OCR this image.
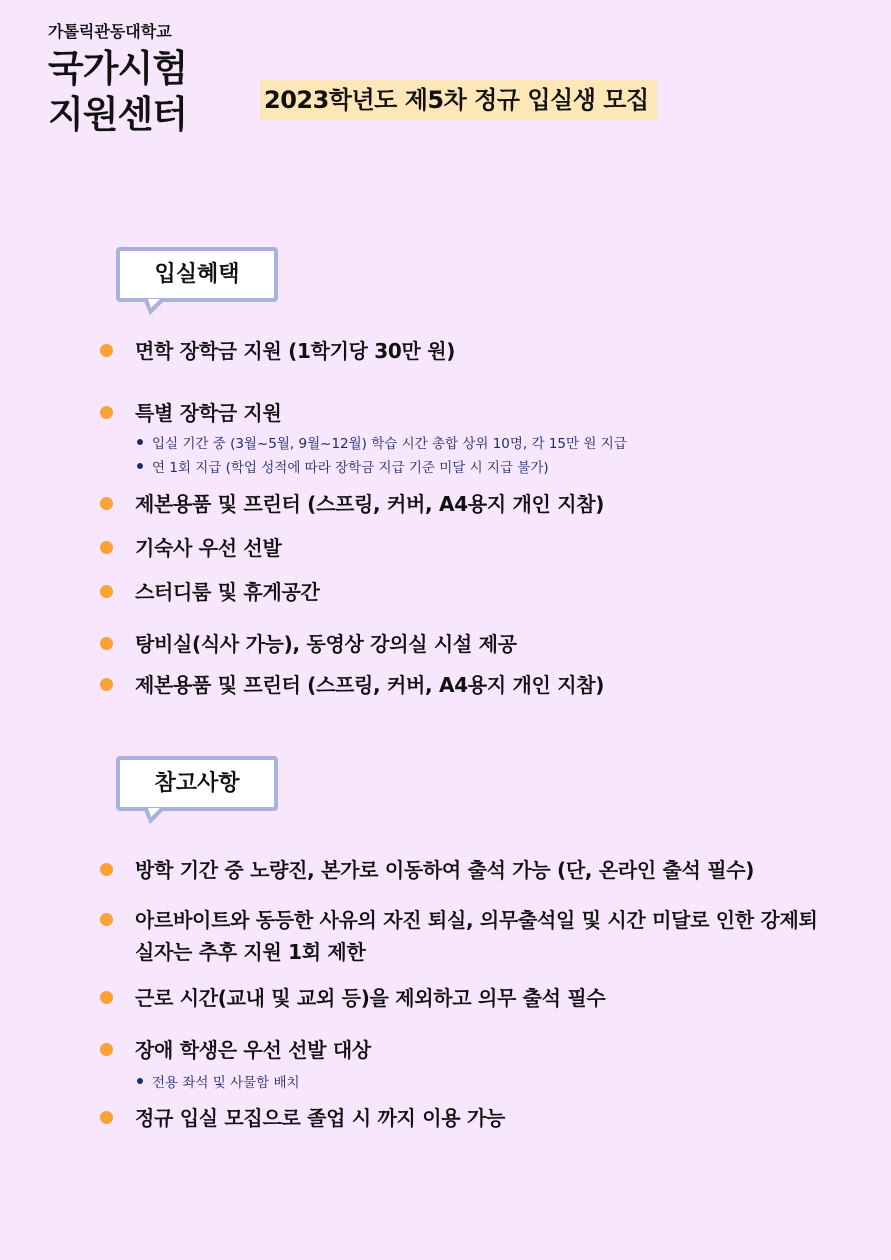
가톨릭관동대학교
국가시험
지원센터	2023학년도 제5차 정규 입실생 모집
입실혜택
면학 장학금 지원 (1학기당 30만 원)
특별 장학금 지원
입실 기간 중 (3월~5월, 9월~12월) 학습 시간 총합 상위 10명, 각 15만 원 지급
연 1회 지급 (학업 성적에 따라 장학금 지급 기준 미달 시 지급 불가)
제본용품 및 프린터 (스프링, 커버, A4용지 개인 지참)
기숙사 우선 선발
스터디룸 및 휴게공간
탕비실(식사 가능), 동영상 강의실 시설 제공
제본용품 및 프린터 (스프링, 커버, A4용지 개인 지참)
참고사항
방학 기간 중 노량진, 본가로 이동하여 출석 가능 (단, 온라인 출석 필수)
아르바이트와 동등한 사유의 자진 퇴실, 의무출석일 및 시간 미달로 인한 강제퇴실자는 추후 지원 1회 제한
근로 시간(교내 및 교외 등)을 제외하고 의무 출석 필수
장애 학생은 우선 선발 대상
전용 좌석 및 사물함 배치
정규 입실 모집으로 졸업 시 까지 이용 가능
